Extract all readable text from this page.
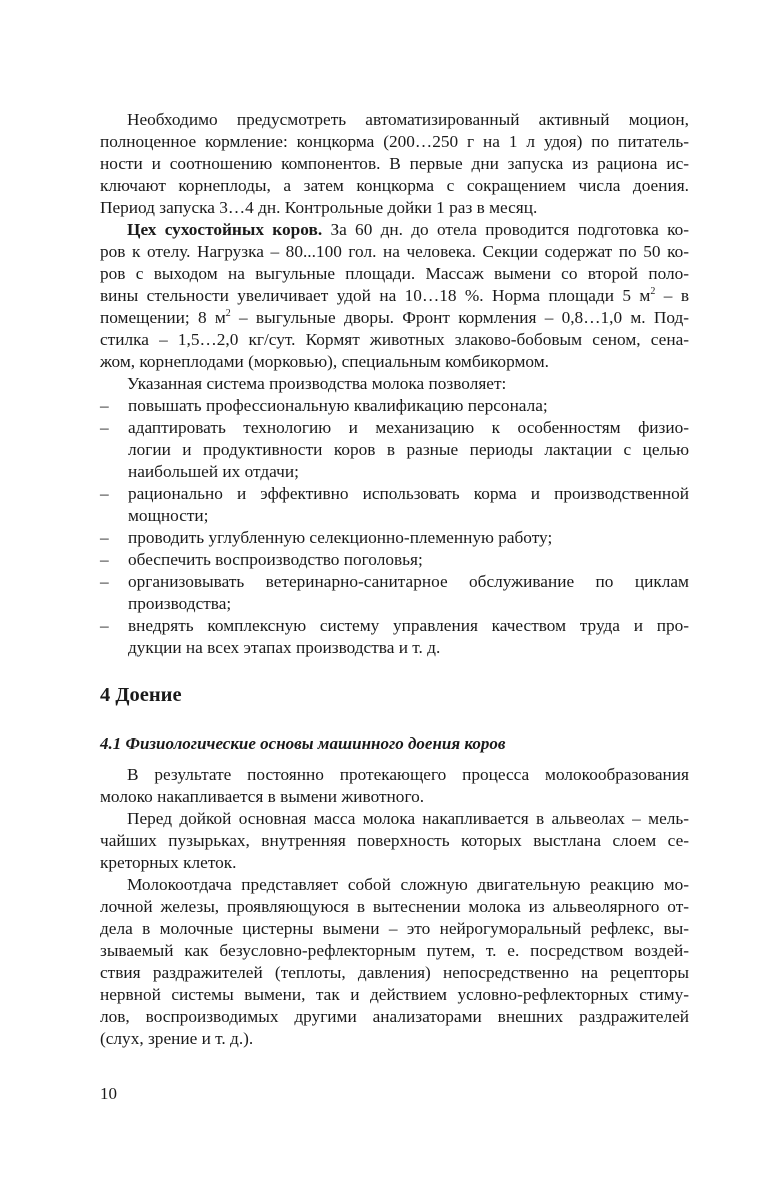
Необходимо предусмотреть автоматизированный активный моцион,
полноценное кормление: концкорма (200…250 г на 1 л удоя) по питатель-
ности и соотношению компонентов. В первые дни запуска из рациона ис-
ключают корнеплоды, а затем концкорма с сокращением числа доения.
Период запуска 3…4 дн. Контрольные дойки 1 раз в месяц.
Цех сухостойных коров. За 60 дн. до отела проводится подготовка ко-
ров к отелу. Нагрузка – 80...100 гол. на человека. Секции содержат по 50 ко-
ров с выходом на выгульные площади. Массаж вымени со второй поло-
вины стельности увеличивает удой на 10…18 %. Норма площади 5 $м^2$ – в
помещении; 8 $м^2$ – выгульные дворы. Фронт кормления – 0,8…1,0 м. Под-
стилка – 1,5…2,0 кг/сут. Кормят животных злаково-бобовым сеном, сена-
жом, корнеплодами (морковью), специальным комбикормом.
Указанная система производства молока позволяет:
–	повышать профессиональную квалификацию персонала;
–	адаптировать технологию и механизацию к особенностям физио-
логии и продуктивности коров в разные периоды лактации с целью
наибольшей их отдачи;
–	рационально и эффективно использовать корма и производственной
мощности;
–	проводить углубленную селекционно-племенную работу;
–	обеспечить воспроизводство поголовья;
–	организовывать ветеринарно-санитарное обслуживание по циклам
производства;
–	внедрять комплексную систему управления качеством труда и про-
дукции на всех этапах производства и т. д.
4 Доение
4.1 Физиологические основы машинного доения коров
В результате постоянно протекающего процесса молокообразования
молоко накапливается в вымени животного.
Перед дойкой основная масса молока накапливается в альвеолах – мель-
чайших пузырьках, внутренняя поверхность которых выстлана слоем се-
креторных клеток.
Молокоотдача представляет собой сложную двигательную реакцию мо-
лочной железы, проявляющуюся в вытеснении молока из альвеолярного от-
дела в молочные цистерны вымени – это нейрогуморальный рефлекс, вы-
зываемый как безусловно-рефлекторным путем, т. е. посредством воздей-
ствия раздражителей (теплоты, давления) непосредственно на рецепторы
нервной системы вымени, так и действием условно-рефлекторных стиму-
лов, воспроизводимых другими анализаторами внешних раздражителей
(слух, зрение и т. д.).
10
